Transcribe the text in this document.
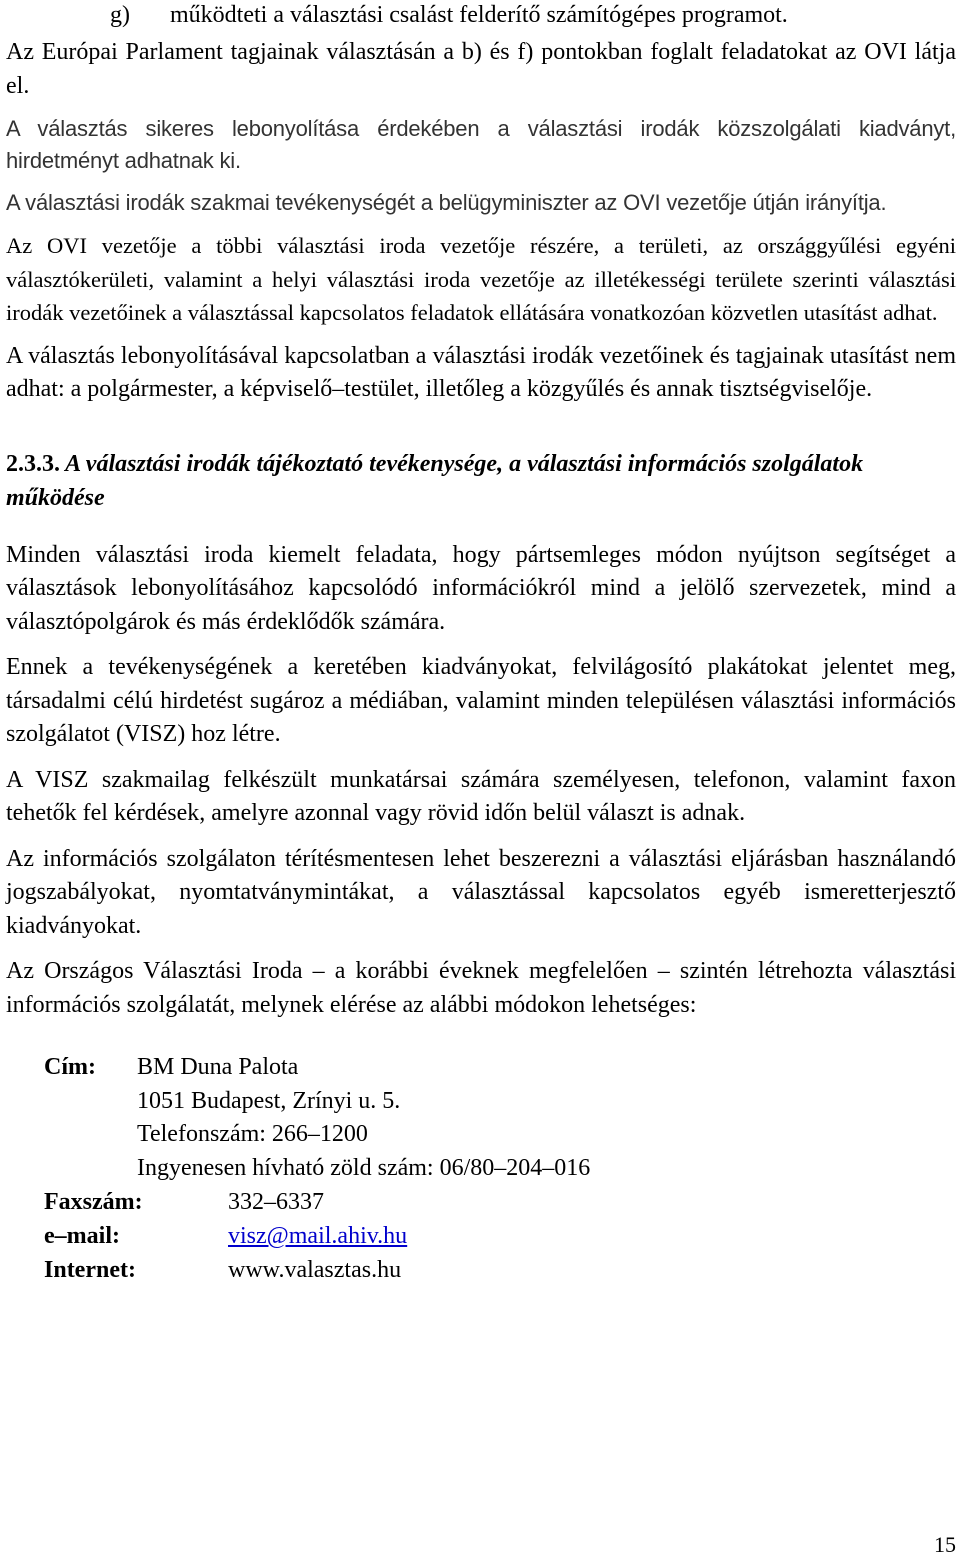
g)	működteti a választási csalást felderítő számítógépes programot.

Az Európai Parlament tagjainak választásán a b) és f) pontokban foglalt feladatokat az OVI látja el.

A választás sikeres lebonyolítása érdekében a választási irodák közszolgálati kiadványt, hirdetményt adhatnak ki.

A választási irodák szakmai tevékenységét a belügyminiszter az OVI vezetője útján irányítja.

Az OVI vezetője a többi választási iroda vezetője részére, a területi, az országgyűlési egyéni választókerületi, valamint a helyi választási iroda vezetője az illetékességi területe szerinti választási irodák vezetőinek a választással kapcsolatos feladatok ellátására vonatkozóan közvetlen utasítást adhat.

A választás lebonyolításával kapcsolatban a választási irodák vezetőinek és tagjainak utasítást nem adhat: a polgármester, a képviselő–testület, illetőleg a közgyűlés és annak tisztségviselője.

2.3.3. A választási irodák tájékoztató tevékenysége, a választási információs szolgálatok működése

Minden választási iroda kiemelt feladata, hogy pártsemleges módon nyújtson segítséget a választások lebonyolításához kapcsolódó információkról mind a jelölő szervezetek, mind a választópolgárok és más érdeklődők számára.

Ennek a tevékenységének a keretében kiadványokat, felvilágosító plakátokat jelentet meg, társadalmi célú hirdetést sugároz a médiában, valamint minden településen választási információs szolgálatot (VISZ) hoz létre.

A VISZ szakmailag felkészült munkatársai számára személyesen, telefonon, valamint faxon tehetők fel kérdések, amelyre azonnal vagy rövid időn belül választ is adnak.

Az információs szolgálaton térítésmentesen lehet beszerezni a választási eljárásban használandó jogszabályokat, nyomtatványmintákat, a választással kapcsolatos egyéb ismeretterjesztő kiadványokat.

Az Országos Választási Iroda – a korábbi éveknek megfelelően – szintén létrehozta választási információs szolgálatát, melynek elérése az alábbi módokon lehetséges:

Cím: BM Duna Palota
1051 Budapest, Zrínyi u. 5.
Telefonszám: 266–1200
Ingyenesen hívható zöld szám: 06/80–204–016
Faxszám:	332–6337
e–mail:	visz@mail.ahiv.hu
Internet:	www.valasztas.hu
15
